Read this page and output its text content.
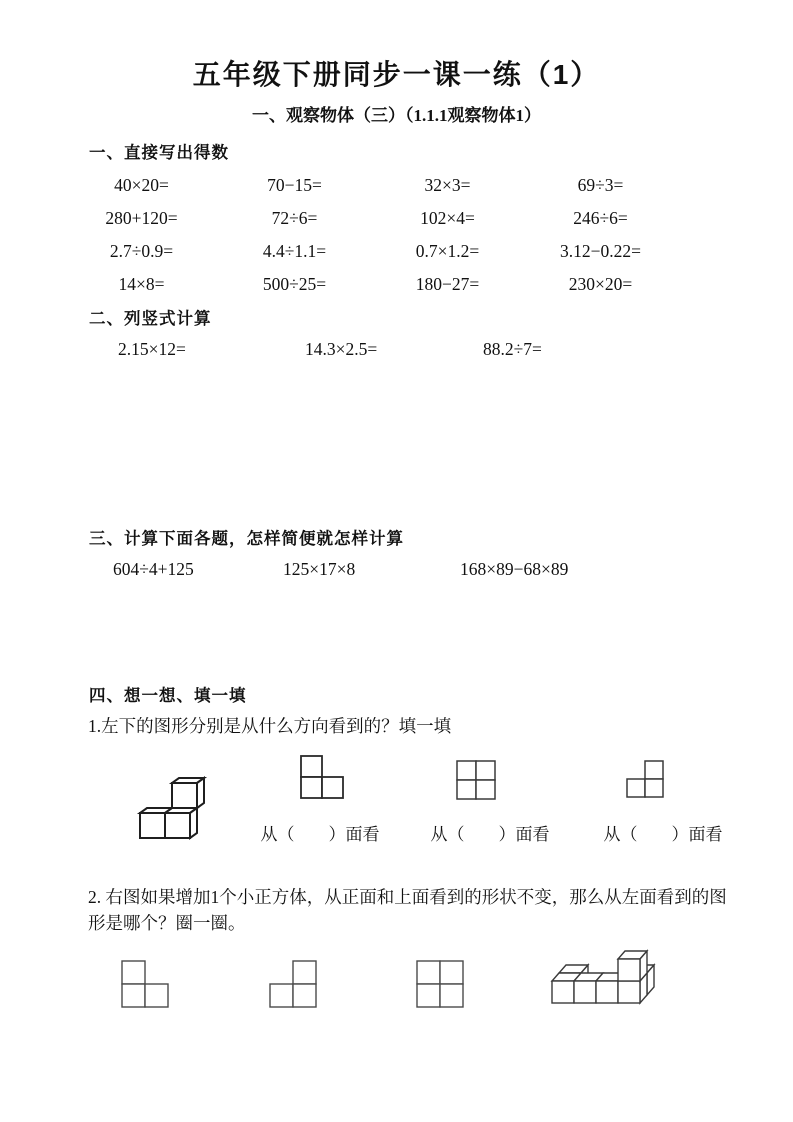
五年级下册同步一课一练（1）
一、观察物体（三）（1.1.1观察物体1）
一、直接写出得数
40×20=	70−15=	32×3=	69÷3=
280+120=	72÷6=	102×4=	246÷6=
2.7÷0.9=	4.4÷1.1=	0.7×1.2=	3.12−0.22=
14×8=	500÷25=	180−27=	230×20=
二、列竖式计算
2.15×12=	14.3×2.5=	88.2÷7=
三、计算下面各题，怎样简便就怎样计算
604÷4+125	125×17×8	168×89−68×89
四、想一想、填一填
1.左下的图形分别是从什么方向看到的？填一填
从（　　）面看	从（　　）面看	从（　　）面看
2. 右图如果增加1个小正方体，从正面和上面看到的形状不变，那么从左面看到的图形是哪个？圈一圈。
